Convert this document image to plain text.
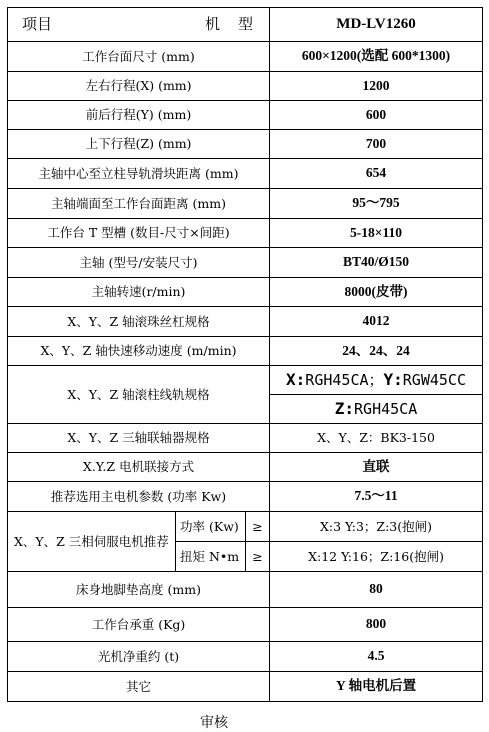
项目 机 型			MD-LV1260
工作台面尺寸 (mm)			600×1200(选配 600*1300)
左右行程(X) (mm)			1200
前后行程(Y) (mm)			600
上下行程(Z) (mm)			700
主轴中心至立柱导轨滑块距离 (mm)			654
主轴端面至工作台面距离 (mm)			95～795
工作台 T 型槽 (数目-尺寸×间距)			5-18×110
主轴 (型号/安装尺寸)			BT40/Ø150
主轴转速(r/min)			8000(皮带)
X、Y、Z 轴滚珠丝杠规格			4012
X、Y、Z 轴快速移动速度 (m/min)			24、24、24
X、Y、Z 轴滚柱线轨规格			X:RGH45CA；Y:RGW45CC
			Z:RGH45CA
X、Y、Z 三轴联轴器规格			X、Y、Z：BK3-150
X.Y.Z 电机联接方式			直联
推荐选用主电机参数 (功率 Kw)			7.5～11
X、Y、Z 三相伺服电机推荐	功率 (Kw)	≥	X:3 Y:3；Z:3(抱闸)
	扭矩 N•m	≥	X:12 Y:16；Z:16(抱闸)
床身地脚垫高度 (mm)			80
工作台承重 (Kg)			800
光机净重约 (t)			4.5
其它			Y 轴电机后置
审核
